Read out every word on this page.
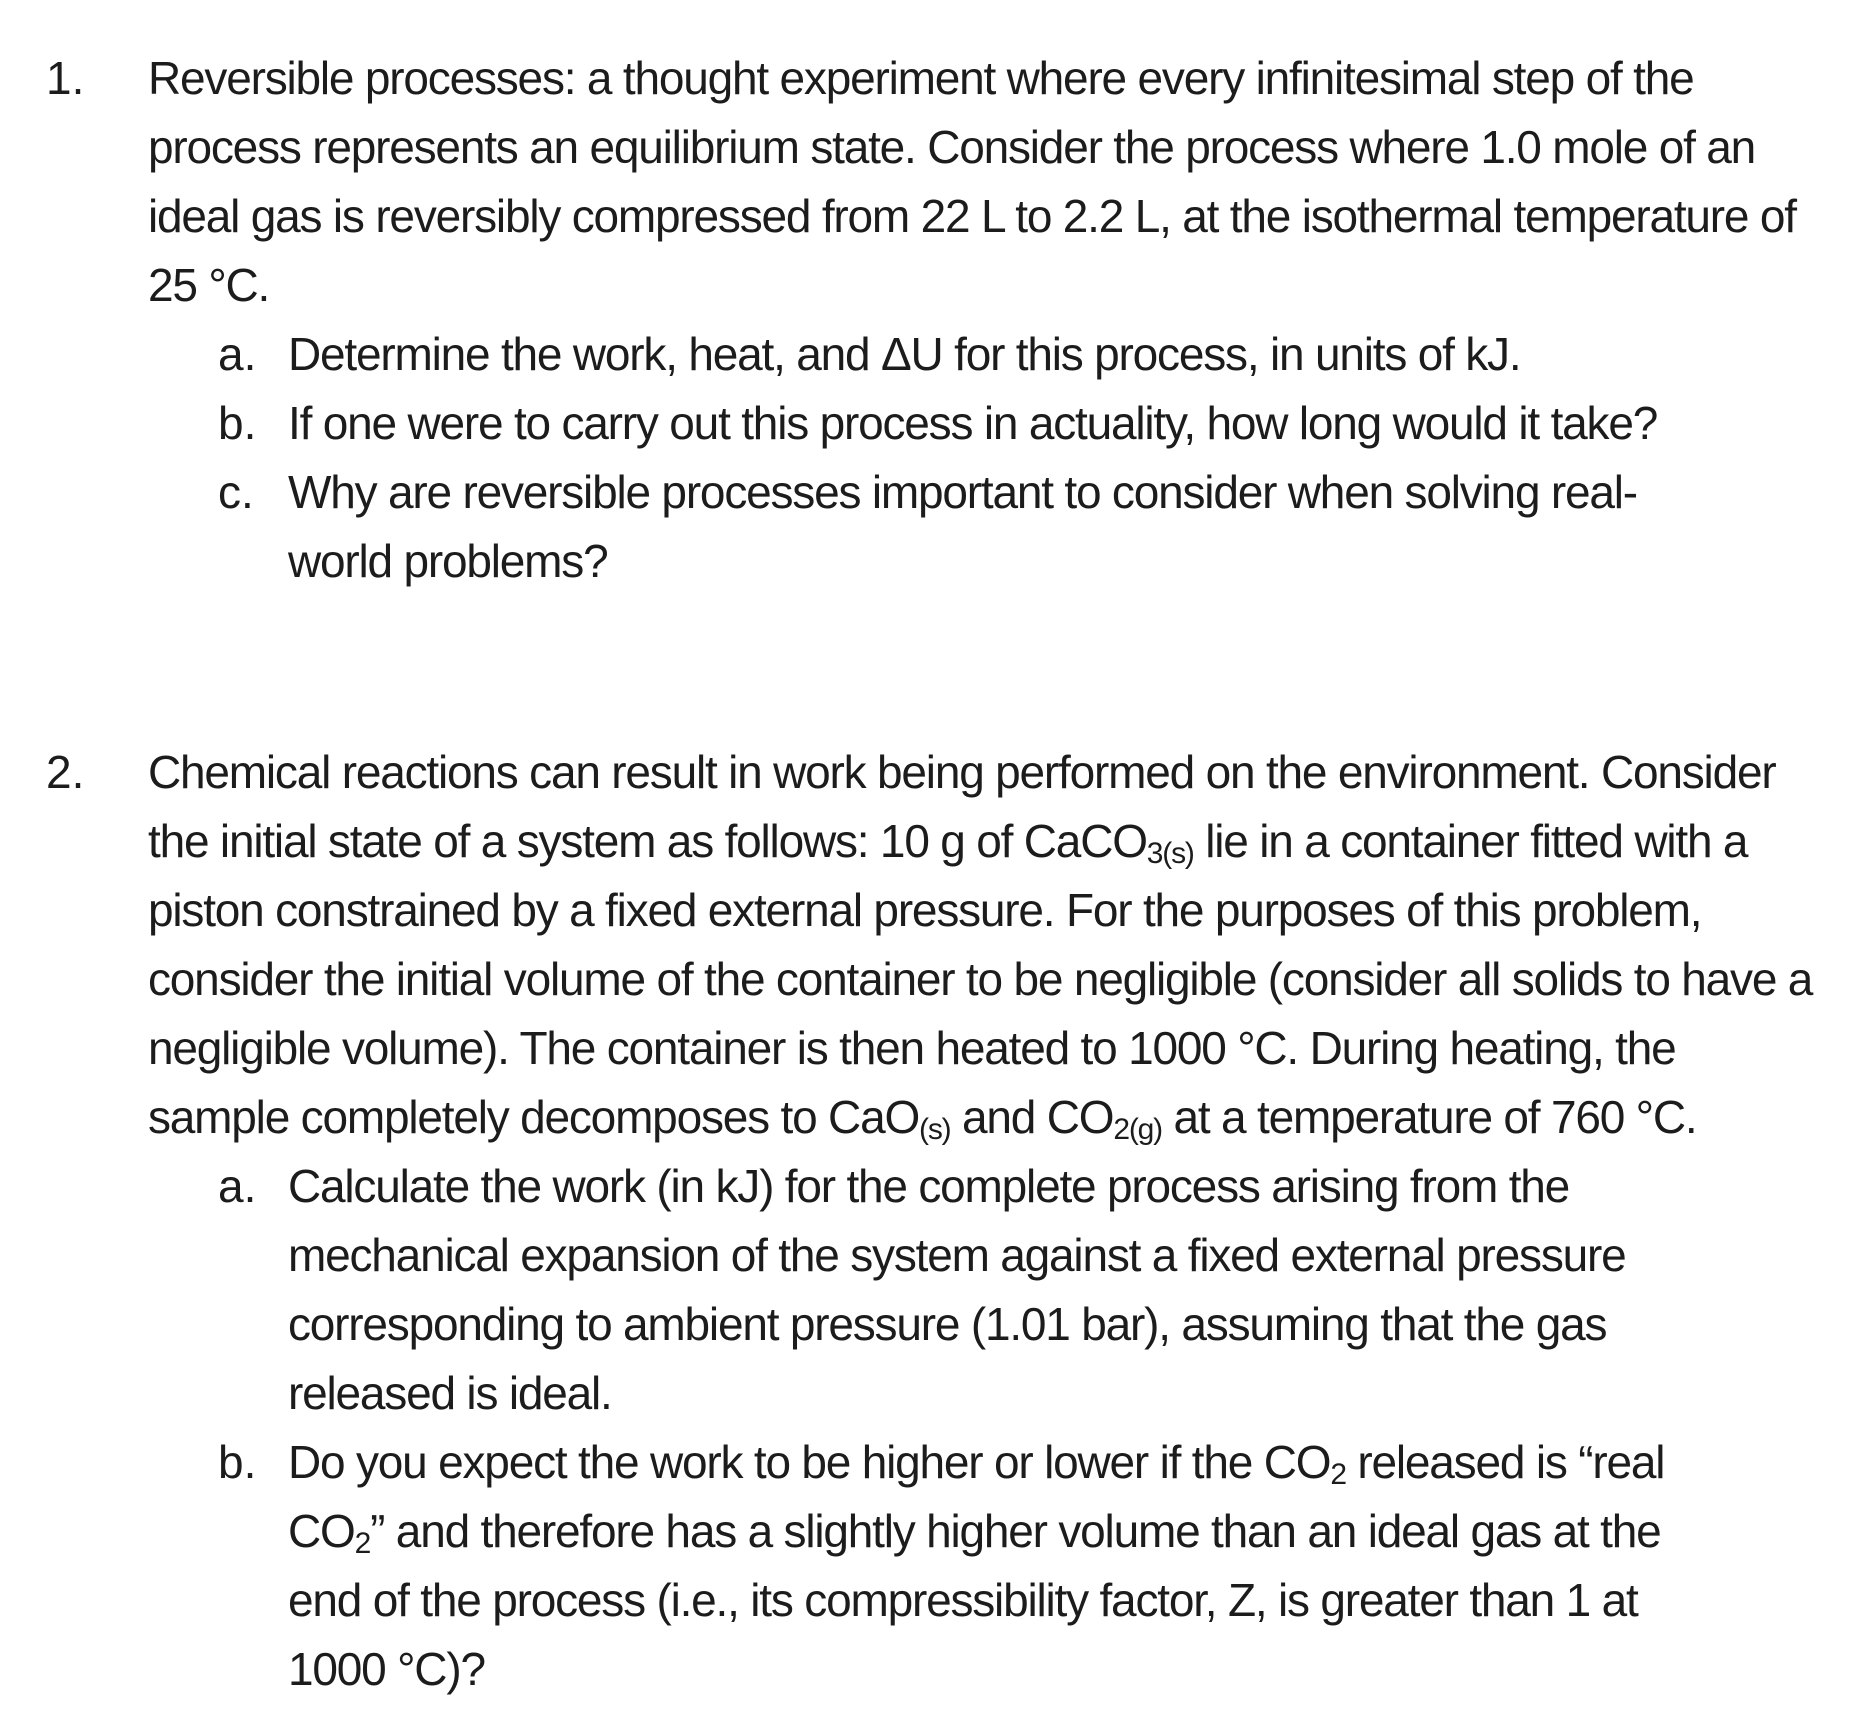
1.	Reversible processes: a thought experiment where every infinitesimal step of the process represents an equilibrium state. Consider the process where 1.0 mole of an ideal gas is reversibly compressed from 22 L to 2.2 L, at the isothermal temperature of 25 °C.
a. Determine the work, heat, and ΔU for this process, in units of kJ.
b. If one were to carry out this process in actuality, how long would it take?
c. Why are reversible processes important to consider when solving real-world problems?
2.	Chemical reactions can result in work being performed on the environment. Consider the initial state of a system as follows: 10 g of CaCO3(s) lie in a container fitted with a piston constrained by a fixed external pressure. For the purposes of this problem, consider the initial volume of the container to be negligible (consider all solids to have a negligible volume). The container is then heated to 1000 °C. During heating, the sample completely decomposes to CaO(s) and CO2(g) at a temperature of 760 °C.
a. Calculate the work (in kJ) for the complete process arising from the mechanical expansion of the system against a fixed external pressure corresponding to ambient pressure (1.01 bar), assuming that the gas released is ideal.
b. Do you expect the work to be higher or lower if the CO2 released is “real CO2” and therefore has a slightly higher volume than an ideal gas at the end of the process (i.e., its compressibility factor, Z, is greater than 1 at 1000 °C)?
